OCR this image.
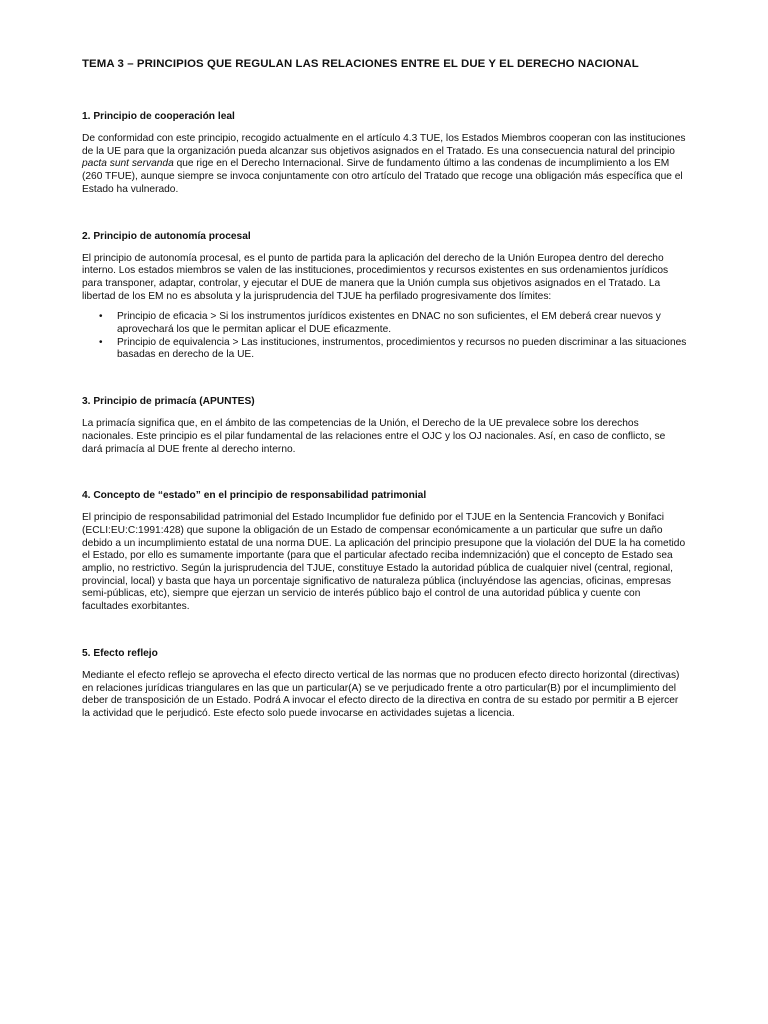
TEMA 3 – PRINCIPIOS QUE REGULAN LAS RELACIONES ENTRE EL DUE Y EL DERECHO NACIONAL
1. Principio de cooperación leal

De conformidad con este principio, recogido actualmente en el artículo 4.3 TUE, los Estados Miembros cooperan con las instituciones de la UE para que la organización pueda alcanzar sus objetivos asignados en el Tratado. Es una consecuencia natural del principio pacta sunt servanda que rige en el Derecho Internacional. Sirve de fundamento último a las condenas de incumplimiento a los EM (260 TFUE), aunque siempre se invoca conjuntamente con otro artículo del Tratado que recoge una obligación más específica que el Estado ha vulnerado.

2. Principio de autonomía procesal

El principio de autonomía procesal, es el punto de partida para la aplicación del derecho de la Unión Europea dentro del derecho interno. Los estados miembros se valen de las instituciones, procedimientos y recursos existentes en sus ordenamientos jurídicos para transponer, adaptar, controlar, y ejecutar el DUE de manera que la Unión cumpla sus objetivos asignados en el Tratado. La libertad de los EM no es absoluta y la jurisprudencia del TJUE ha perfilado progresivamente dos límites:

• Principio de eficacia > Si los instrumentos jurídicos existentes en DNAC no son suficientes, el EM deberá crear nuevos y aprovechará los que le permitan aplicar el DUE eficazmente.
• Principio de equivalencia > Las instituciones, instrumentos, procedimientos y recursos no pueden discriminar a las situaciones basadas en derecho de la UE.
3. Principio de primacía (APUNTES)

La primacía significa que, en el ámbito de las competencias de la Unión, el Derecho de la UE prevalece sobre los derechos nacionales. Este principio es el pilar fundamental de las relaciones entre el OJC y los OJ nacionales. Así, en caso de conflicto, se dará primacía al DUE frente al derecho interno.

4. Concepto de “estado” en el principio de responsabilidad patrimonial

El principio de responsabilidad patrimonial del Estado Incumplidor fue definido por el TJUE en la Sentencia Francovich y Bonifaci (ECLI:EU:C:1991:428) que supone la obligación de un Estado de compensar económicamente a un particular que sufre un daño debido a un incumplimiento estatal de una norma DUE. La aplicación del principio presupone que la violación del DUE la ha cometido el Estado, por ello es sumamente importante (para que el particular afectado reciba indemnización) que el concepto de Estado sea amplio, no restrictivo. Según la jurisprudencia del TJUE, constituye Estado la autoridad pública de cualquier nivel (central, regional, provincial, local) y basta que haya un porcentaje significativo de naturaleza pública (incluyéndose las agencias, oficinas, empresas semi-públicas, etc), siempre que ejerzan un servicio de interés público bajo el control de una autoridad pública y cuente con facultades exorbitantes.

5. Efecto reflejo

Mediante el efecto reflejo se aprovecha el efecto directo vertical de las normas que no producen efecto directo horizontal (directivas) en relaciones jurídicas triangulares en las que un particular(A) se ve perjudicado frente a otro particular(B) por el incumplimiento del deber de transposición de un Estado. Podrá A invocar el efecto directo de la directiva en contra de su estado por permitir a B ejercer la actividad que le perjudicó. Este efecto solo puede invocarse en actividades sujetas a licencia.
